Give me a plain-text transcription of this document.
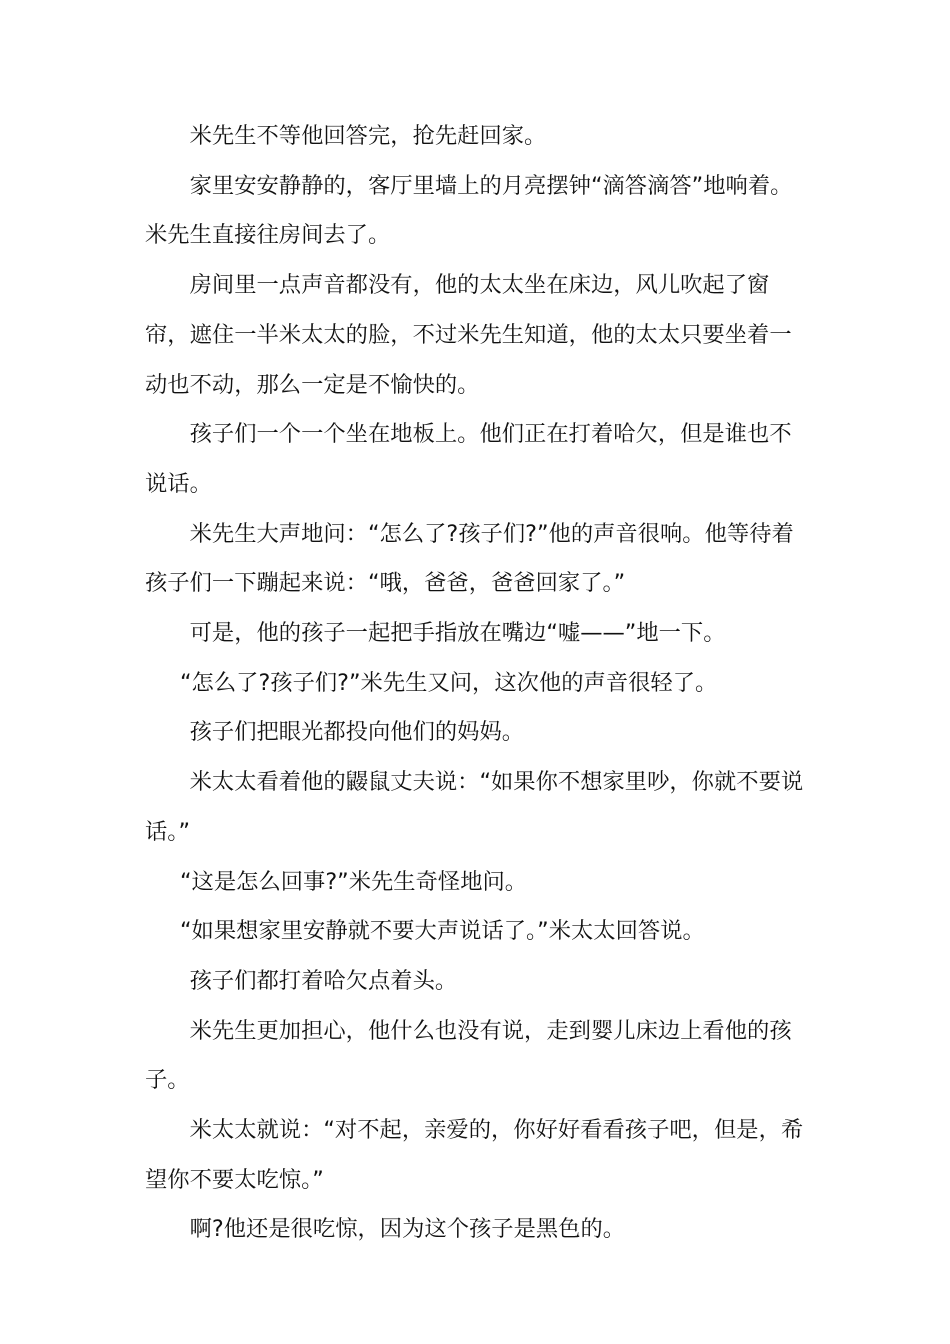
米先生不等他回答完，抢先赶回家。

家里安安静静的，客厅里墙上的月亮摆钟“滴答滴答”地响着。米先生直接往房间去了。

房间里一点声音都没有，他的太太坐在床边，风儿吹起了窗帘，遮住一半米太太的脸，不过米先生知道，他的太太只要坐着一动也不动，那么一定是不愉快的。

孩子们一个一个坐在地板上。他们正在打着哈欠，但是谁也不说话。

米先生大声地问：“怎么了?孩子们?”他的声音很响。他等待着孩子们一下蹦起来说：“哦，爸爸，爸爸回家了。”

可是，他的孩子一起把手指放在嘴边“嘘——”地一下。

“怎么了?孩子们?”米先生又问，这次他的声音很轻了。

孩子们把眼光都投向他们的妈妈。

米太太看着他的鼹鼠丈夫说：“如果你不想家里吵，你就不要说话。”

“这是怎么回事?”米先生奇怪地问。

“如果想家里安静就不要大声说话了。”米太太回答说。

孩子们都打着哈欠点着头。

米先生更加担心，他什么也没有说，走到婴儿床边上看他的孩子。

米太太就说：“对不起，亲爱的，你好好看看孩子吧，但是，希望你不要太吃惊。”

啊?他还是很吃惊，因为这个孩子是黑色的。
